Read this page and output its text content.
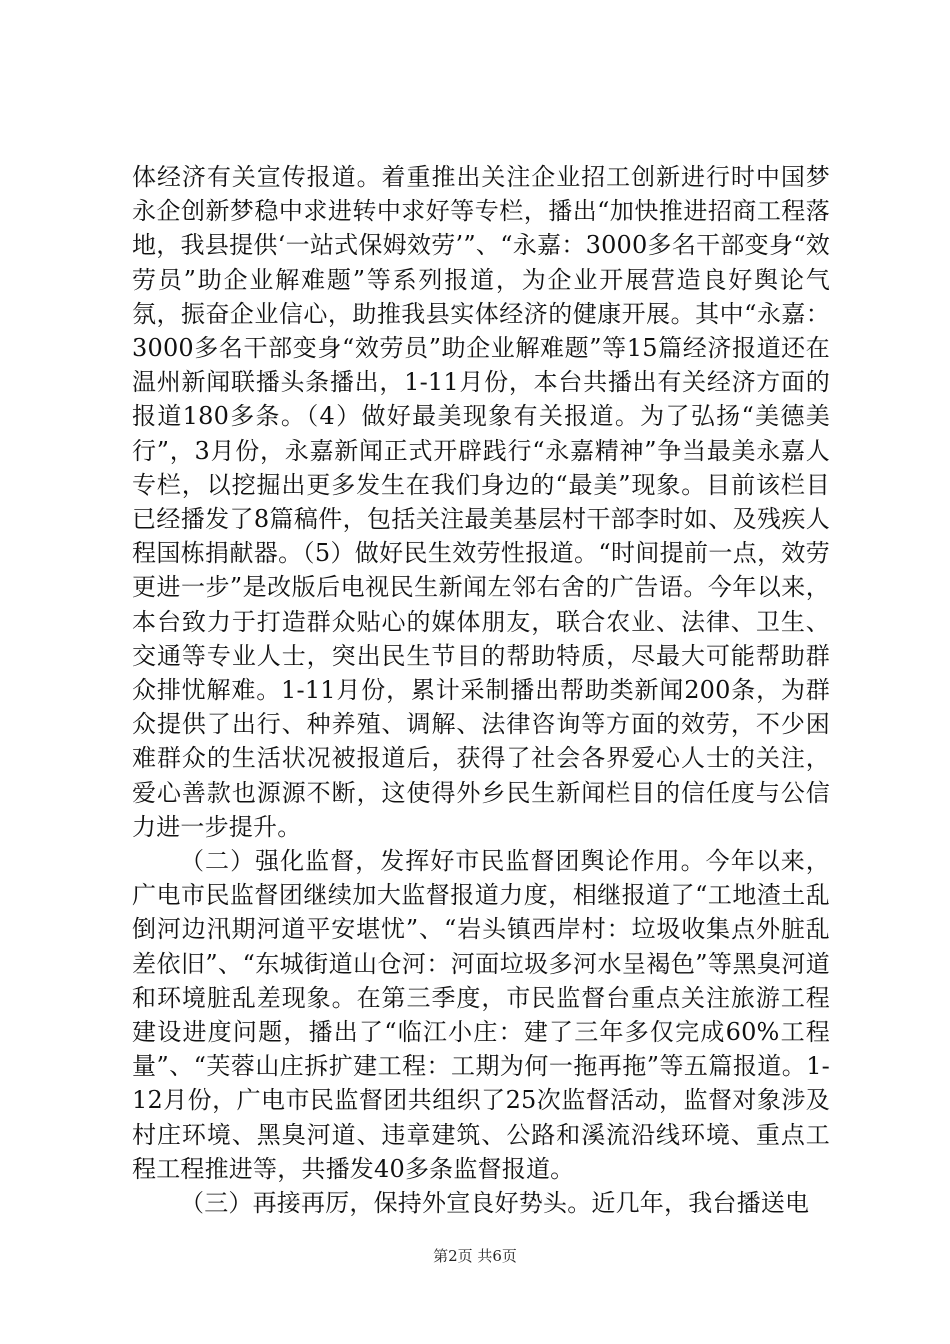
体经济有关宣传报道。着重推出关注企业招工创新进行时中国梦永企创新梦稳中求进转中求好等专栏，播出“加快推进招商工程落地，我县提供‘一站式保姆效劳’”、“永嘉：3000多名干部变身“效劳员”助企业解难题”等系列报道，为企业开展营造良好舆论气氛，振奋企业信心，助推我县实体经济的健康开展。其中“永嘉：3000多名干部变身“效劳员”助企业解难题”等15篇经济报道还在温州新闻联播头条播出，1-11月份，本台共播出有关经济方面的报道180多条。（4）做好最美现象有关报道。为了弘扬“美德美行”，3月份，永嘉新闻正式开辟践行“永嘉精神”争当最美永嘉人专栏，以挖掘出更多发生在我们身边的“最美”现象。目前该栏目已经播发了8篇稿件，包括关注最美基层村干部李时如、及残疾人程国栋捐献器。（5）做好民生效劳性报道。“时间提前一点，效劳更进一步”是改版后电视民生新闻左邻右舍的广告语。今年以来，本台致力于打造群众贴心的媒体朋友，联合农业、法律、卫生、交通等专业人士，突出民生节目的帮助特质，尽最大可能帮助群众排忧解难。1-11月份，累计采制播出帮助类新闻200条，为群众提供了出行、种养殖、调解、法律咨询等方面的效劳，不少困难群众的生活状况被报道后，获得了社会各界爱心人士的关注，爱心善款也源源不断，这使得外乡民生新闻栏目的信任度与公信力进一步提升。

（二）强化监督，发挥好市民监督团舆论作用。今年以来，广电市民监督团继续加大监督报道力度，相继报道了“工地渣土乱倒河边汛期河道平安堪忧”、“岩头镇西岸村：垃圾收集点外脏乱差依旧”、“东城街道山仓河：河面垃圾多河水呈褐色”等黑臭河道和环境脏乱差现象。在第三季度，市民监督台重点关注旅游工程建设进度问题，播出了“临江小庄：建了三年多仅完成60%工程量”、“芙蓉山庄拆扩建工程：工期为何一拖再拖”等五篇报道。1-12月份，广电市民监督团共组织了25次监督活动，监督对象涉及村庄环境、黑臭河道、违章建筑、公路和溪流沿线环境、重点工程工程推进等，共播发40多条监督报道。

（三）再接再厉，保持外宣良好势头。近几年，我台播送电

第2页 共6页
